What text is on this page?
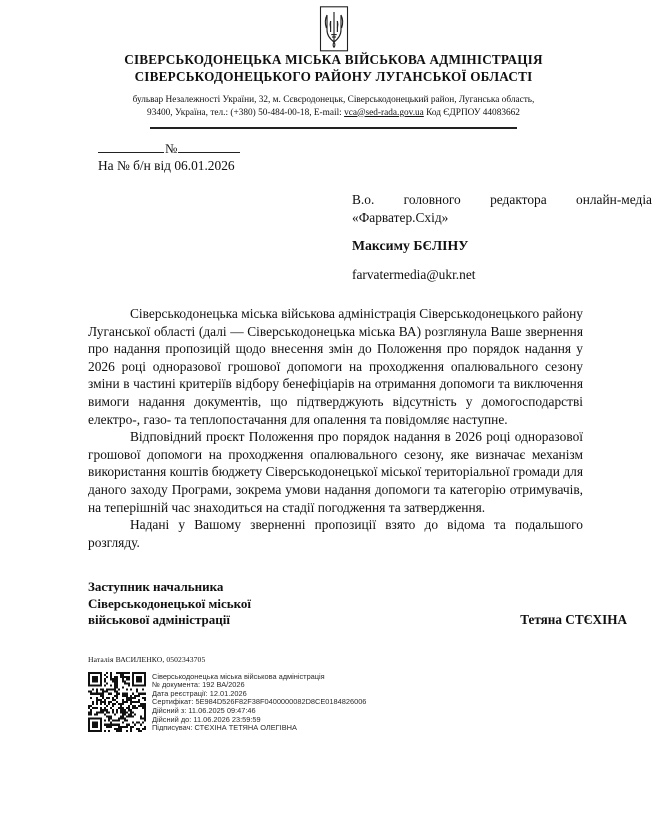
СІВЕРСЬКОДОНЕЦЬКА МІСЬКА ВІЙСЬКОВА АДМІНІСТРАЦІЯ
СІВЕРСЬКОДОНЕЦЬКОГО РАЙОНУ ЛУГАНСЬКОЇ ОБЛАСТІ
бульвар Незалежності України, 32, м. Сєвєродонецьк, Сіверськодонецький район, Луганська область,
93400, Україна, тел.: (+380) 50-484-00-18, E-mail: vca@sed-rada.gov.ua Код ЄДРПОУ 44083662
№
На № б/н від 06.01.2026
В.о. головного редактора онлайн-медіа
«Фарватер.Схід»
Максиму БЄЛІНУ
farvatermedia@ukr.net

Сіверськодонецька міська військова адміністрація Сіверськодонецького району Луганської області (далі — Сіверськодонецька міська ВА) розглянула Ваше звернення про надання пропозицій щодо внесення змін до Положення про порядок надання у 2026 році одноразової грошової допомоги на проходження опалювального сезону зміни в частині критеріїв відбору бенефіціарів на отримання допомоги та виключення вимоги надання документів, що підтверджують відсутність у домогосподарстві електро-, газо- та теплопостачання для опалення та повідомляє наступне.

Відповідний проєкт Положення про порядок надання в 2026 році одноразової грошової допомоги на проходження опалювального сезону, яке визначає механізм використання коштів бюджету Сіверськодонецької міської територіальної громади для даного заходу Програми, зокрема умови надання допомоги та категорію отримувачів, на теперішній час знаходиться на стадії погодження та затвердження.

Надані у Вашому зверненні пропозиції взято до відома та подальшого розгляду.

Заступник начальника
Сіверськодонецької міської
військової адміністрації	Тетяна СТЄХІНА
Наталія ВАСИЛЕНКО, 0502343705
Сіверськодонецька міська військова адміністрація
№ документа: 192 ВА/2026
Дата реєстрації: 12.01.2026
Сертифікат: 5E984D526F82F38F0400000082D8CE0184826006
Дійсний з: 11.06.2025 09:47:46
Дійсний до: 11.06.2026 23:59:59
Підписувач: СТЄХІНА ТЕТЯНА ОЛЕГІВНА
